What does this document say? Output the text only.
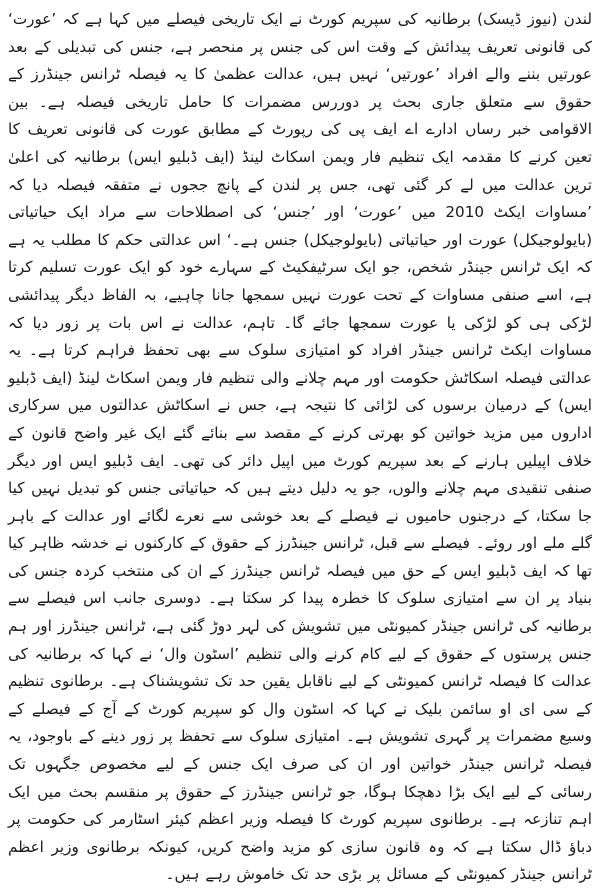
لندن (نیوز ڈیسک) برطانیہ کی سپریم کورٹ نے ایک تاریخی فیصلے میں کہا ہے کہ ’عورت‘ کی قانونی تعریف پیدائش کے وقت اس کی جنس پر منحصر ہے، جنس کی تبدیلی کے بعد عورتیں بننے والے افراد ’عورتیں‘ نہیں ہیں، عدالت عظمیٰ کا یہ فیصلہ ٹرانس جینڈرز کے حقوق سے متعلق جاری بحث پر دوررس مضمرات کا حامل تاریخی فیصلہ ہے۔ بین الاقوامی خبر رساں ادارے اے ایف پی کی رپورٹ کے مطابق عورت کی قانونی تعریف کا تعین کرنے کا مقدمہ ایک تنظیم فار ویمن اسکاٹ لینڈ (ایف ڈبلیو ایس) برطانیہ کی اعلیٰ ترین عدالت میں لے کر گئی تھی، جس پر لندن کے پانچ ججوں نے متفقہ فیصلہ دیا کہ ’مساوات ایکٹ 2010 میں ’عورت‘ اور ’جنس‘ کی اصطلاحات سے مراد ایک حیاتیاتی (بایولوجیکل) عورت اور حیاتیاتی (بایولوجیکل) جنس ہے۔‘ اس عدالتی حکم کا مطلب یہ ہے کہ ایک ٹرانس جینڈر شخص، جو ایک سرٹیفکیٹ کے سہارے خود کو ایک عورت تسلیم کرتا ہے، اسے صنفی مساوات کے تحت عورت نہیں سمجھا جانا چاہیے، بہ الفاظ دیگر پیدائشی لڑکی ہی کو لڑکی یا عورت سمجھا جائے گا۔ تاہم، عدالت نے اس بات پر زور دیا کہ مساوات ایکٹ ٹرانس جینڈر افراد کو امتیازی سلوک سے بھی تحفظ فراہم کرتا ہے۔ یہ عدالتی فیصلہ اسکاٹش حکومت اور مہم چلانے والی تنظیم فار ویمن اسکاٹ لینڈ (ایف ڈبلیو ایس) کے درمیان برسوں کی لڑائی کا نتیجہ ہے، جس نے اسکاٹش عدالتوں میں سرکاری اداروں میں مزید خواتین کو بھرتی کرنے کے مقصد سے بنائے گئے ایک غیر واضح قانون کے خلاف اپیلیں ہارنے کے بعد سپریم کورٹ میں اپیل دائر کی تھی۔ ایف ڈبلیو ایس اور دیگر صنفی تنقیدی مہم چلانے والوں، جو یہ دلیل دیتے ہیں کہ حیاتیاتی جنس کو تبدیل نہیں کیا جا سکتا، کے درجنوں حامیوں نے فیصلے کے بعد خوشی سے نعرے لگائے اور عدالت کے باہر گلے ملے اور روئے۔ فیصلے سے قبل، ٹرانس جینڈرز کے حقوق کے کارکنوں نے خدشہ ظاہر کیا تھا کہ ایف ڈبلیو ایس کے حق میں فیصلہ ٹرانس جینڈرز کے ان کی منتخب کردہ جنس کی بنیاد پر ان سے امتیازی سلوک کا خطرہ پیدا کر سکتا ہے۔ دوسری جانب اس فیصلے سے برطانیہ کی ٹرانس جینڈر کمیونٹی میں تشویش کی لہر دوڑ گئی ہے، ٹرانس جینڈرز اور ہم جنس پرستوں کے حقوق کے لیے کام کرنے والی تنظیم ’اسٹون وال‘ نے کہا کہ برطانیہ کی عدالت کا فیصلہ ٹرانس کمیونٹی کے لیے ناقابل یقین حد تک تشویشناک ہے۔ برطانوی تنظیم کے سی ای او سائمن بلیک نے کہا کہ اسٹون وال کو سپریم کورٹ کے آج کے فیصلے کے وسیع مضمرات پر گہری تشویش ہے۔ امتیازی سلوک سے تحفظ پر زور دینے کے باوجود، یہ فیصلہ ٹرانس جینڈر خواتین اور ان کی صرف ایک جنس کے لیے مخصوص جگہوں تک رسائی کے لیے ایک بڑا دھچکا ہوگا، جو ٹرانس جینڈرز کے حقوق پر منقسم بحث میں ایک اہم تنازعہ ہے۔ برطانوی سپریم کورٹ کا فیصلہ وزیر اعظم کیئر اسٹارمر کی حکومت پر دباؤ ڈال سکتا ہے کہ وہ قانون سازی کو مزید واضح کریں، کیونکہ برطانوی وزیر اعظم ٹرانس جینڈر کمیونٹی کے مسائل پر بڑی حد تک خاموش رہے ہیں۔
